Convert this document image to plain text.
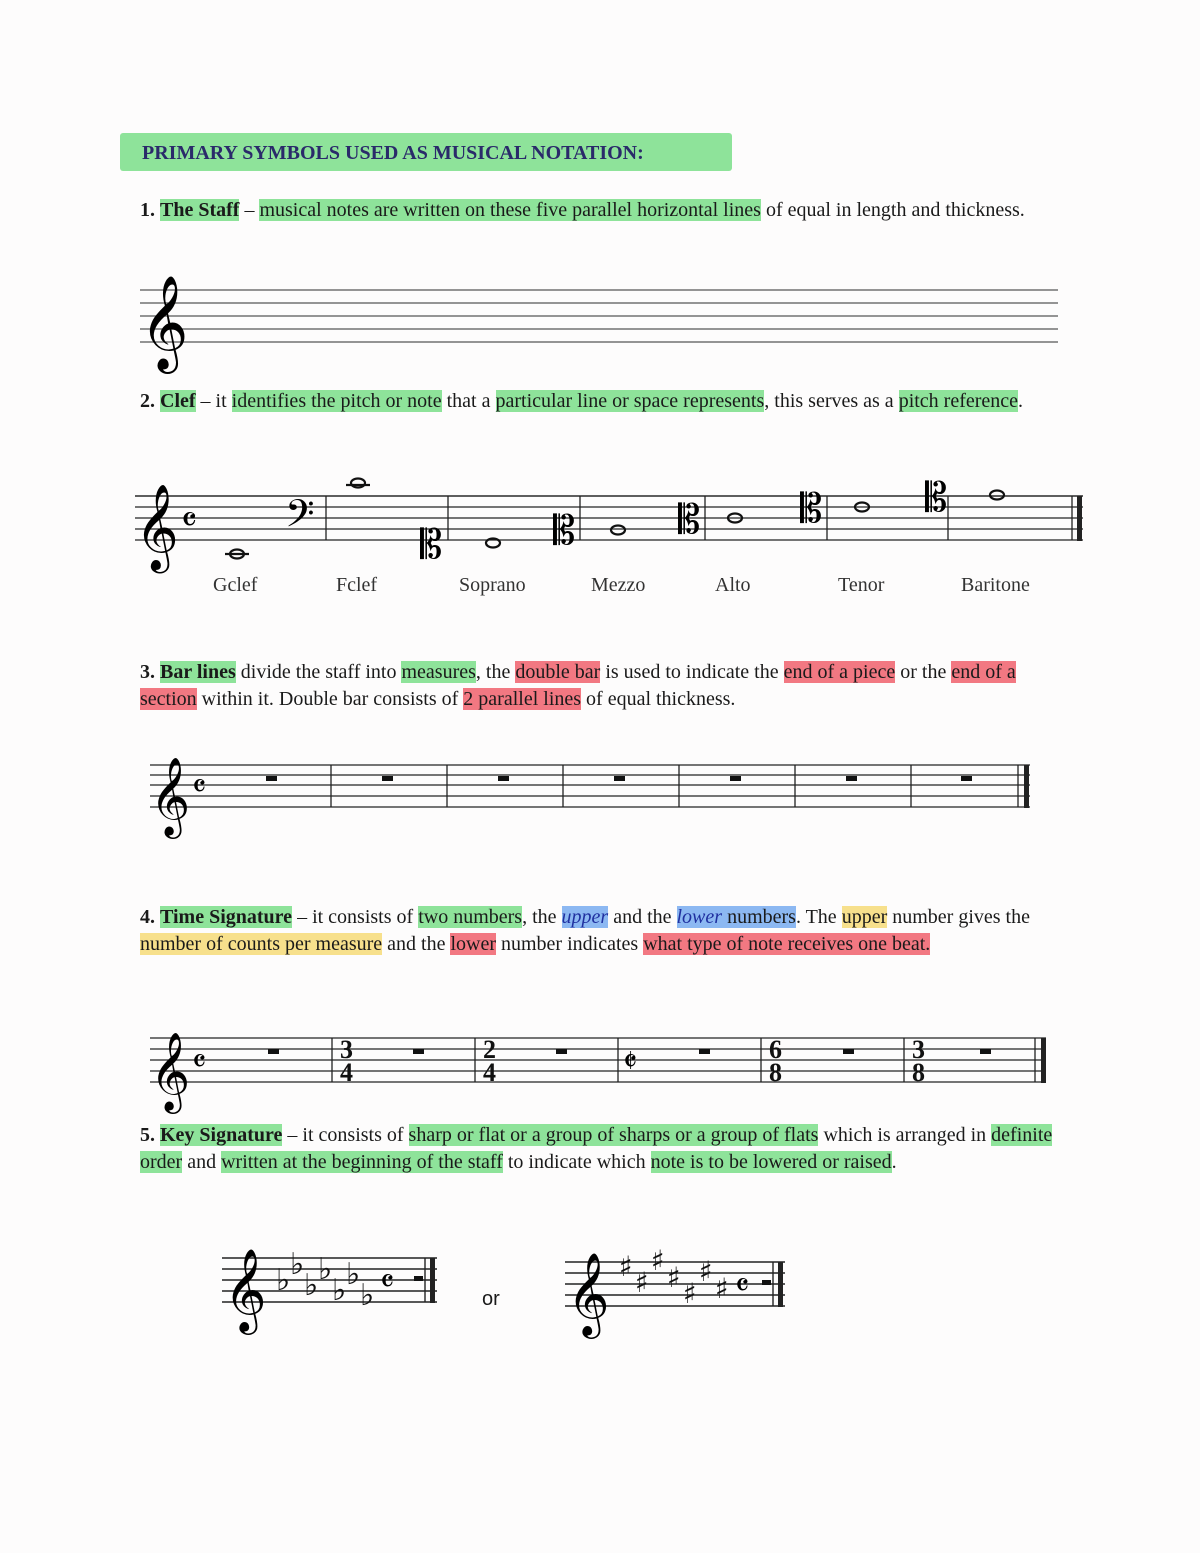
PRIMARY SYMBOLS USED AS MUSICAL NOTATION:
1. The Staff – musical notes are written on these five parallel horizontal lines of equal in length and thickness.
𝄞
2. Clef – it identifies the pitch or note that a particular line or space represents, this serves as a pitch reference.
𝄞 𝄴 𝄢	𝄡	𝄡	𝄡 𝄡	𝄡
Gclef	Fclef	Soprano	Mezzo	Alto	Tenor	Baritone
3. Bar lines divide the staff into measures, the double bar is used to indicate the end of a piece or the end of a section within it. Double bar consists of 2 parallel lines of equal thickness.
𝄞 𝄴
4. Time Signature – it consists of two numbers, the upper and the lower numbers. The upper number gives the number of counts per measure and the lower number indicates what type of note receives one beat.
𝄞 𝄴	𝄵
3
4
2
4
6
8
3
8
5. Key Signature – it consists of sharp or flat or a group of sharps or a group of flats which is arranged in definite order and written at the beginning of the staff to indicate which note is to be lowered or raised.
𝄞 ♭ ♭
♭ ♭
♭ ♭
♭ 𝄴	or 𝄞 ♯ ♯
♯
♯ ♯
♯
♯ 𝄴
